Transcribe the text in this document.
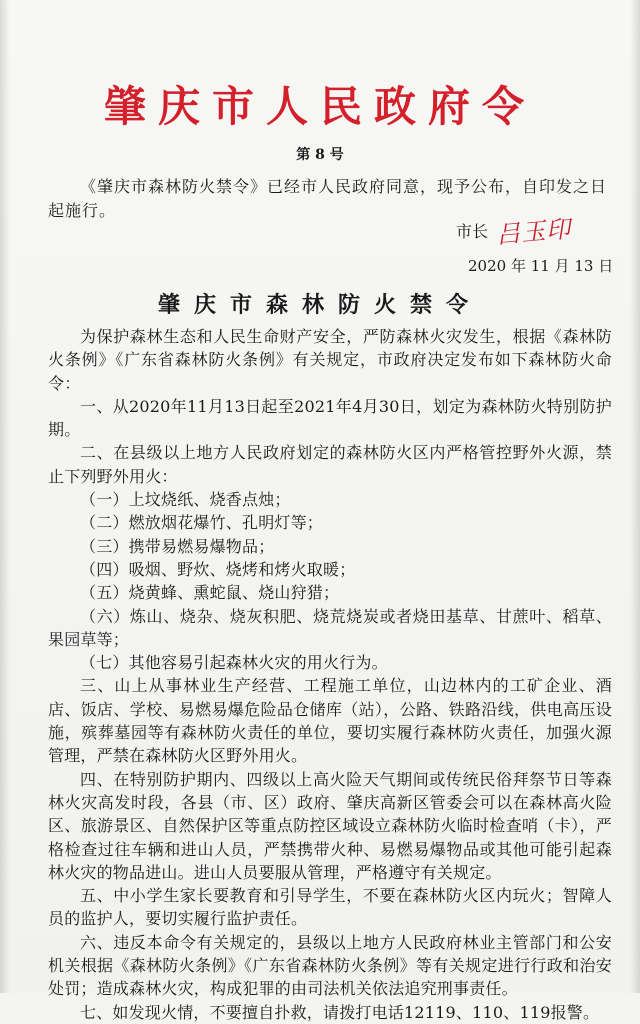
肇庆市人民政府令
第 8 号
《肇庆市森林防火禁令》已经市人民政府同意，现予公布，自印发之日起施行。
市长 吕玉印
2020 年 11 月 13 日
肇庆市森林防火禁令

为保护森林生态和人民生命财产安全，严防森林火灾发生，根据《森林防火条例》《广东省森林防火条例》有关规定，市政府决定发布如下森林防火命令：

一、从2020年11月13日起至2021年4月30日，划定为森林防火特别防护期。

二、在县级以上地方人民政府划定的森林防火区内严格管控野外火源，禁止下列野外用火：

（一）上坟烧纸、烧香点烛；

（二）燃放烟花爆竹、孔明灯等；

（三）携带易燃易爆物品；

（四）吸烟、野炊、烧烤和烤火取暖；

（五）烧黄蜂、熏蛇鼠、烧山狩猎；

（六）炼山、烧杂、烧灰积肥、烧荒烧炭或者烧田基草、甘蔗叶、稻草、果园草等；

（七）其他容易引起森林火灾的用火行为。

三、山上从事林业生产经营、工程施工单位，山边林内的工矿企业、酒店、饭店、学校、易燃易爆危险品仓储库（站），公路、铁路沿线，供电高压设施，殡葬墓园等有森林防火责任的单位，要切实履行森林防火责任，加强火源管理，严禁在森林防火区野外用火。

四、在特别防护期内、四级以上高火险天气期间或传统民俗拜祭节日等森林火灾高发时段，各县（市、区）政府、肇庆高新区管委会可以在森林高火险区、旅游景区、自然保护区等重点防控区域设立森林防火临时检查哨（卡），严格检查过往车辆和进山人员，严禁携带火种、易燃易爆物品或其他可能引起森林火灾的物品进山。进山人员要服从管理，严格遵守有关规定。

五、中小学生家长要教育和引导学生，不要在森林防火区内玩火；智障人员的监护人，要切实履行监护责任。

六、违反本命令有关规定的，县级以上地方人民政府林业主管部门和公安机关根据《森林防火条例》《广东省森林防火条例》等有关规定进行行政和治安处罚；造成森林火灾，构成犯罪的由司法机关依法追究刑事责任。

七、如发现火情，不要擅自扑救，请拨打电话12119、110、119报警。
